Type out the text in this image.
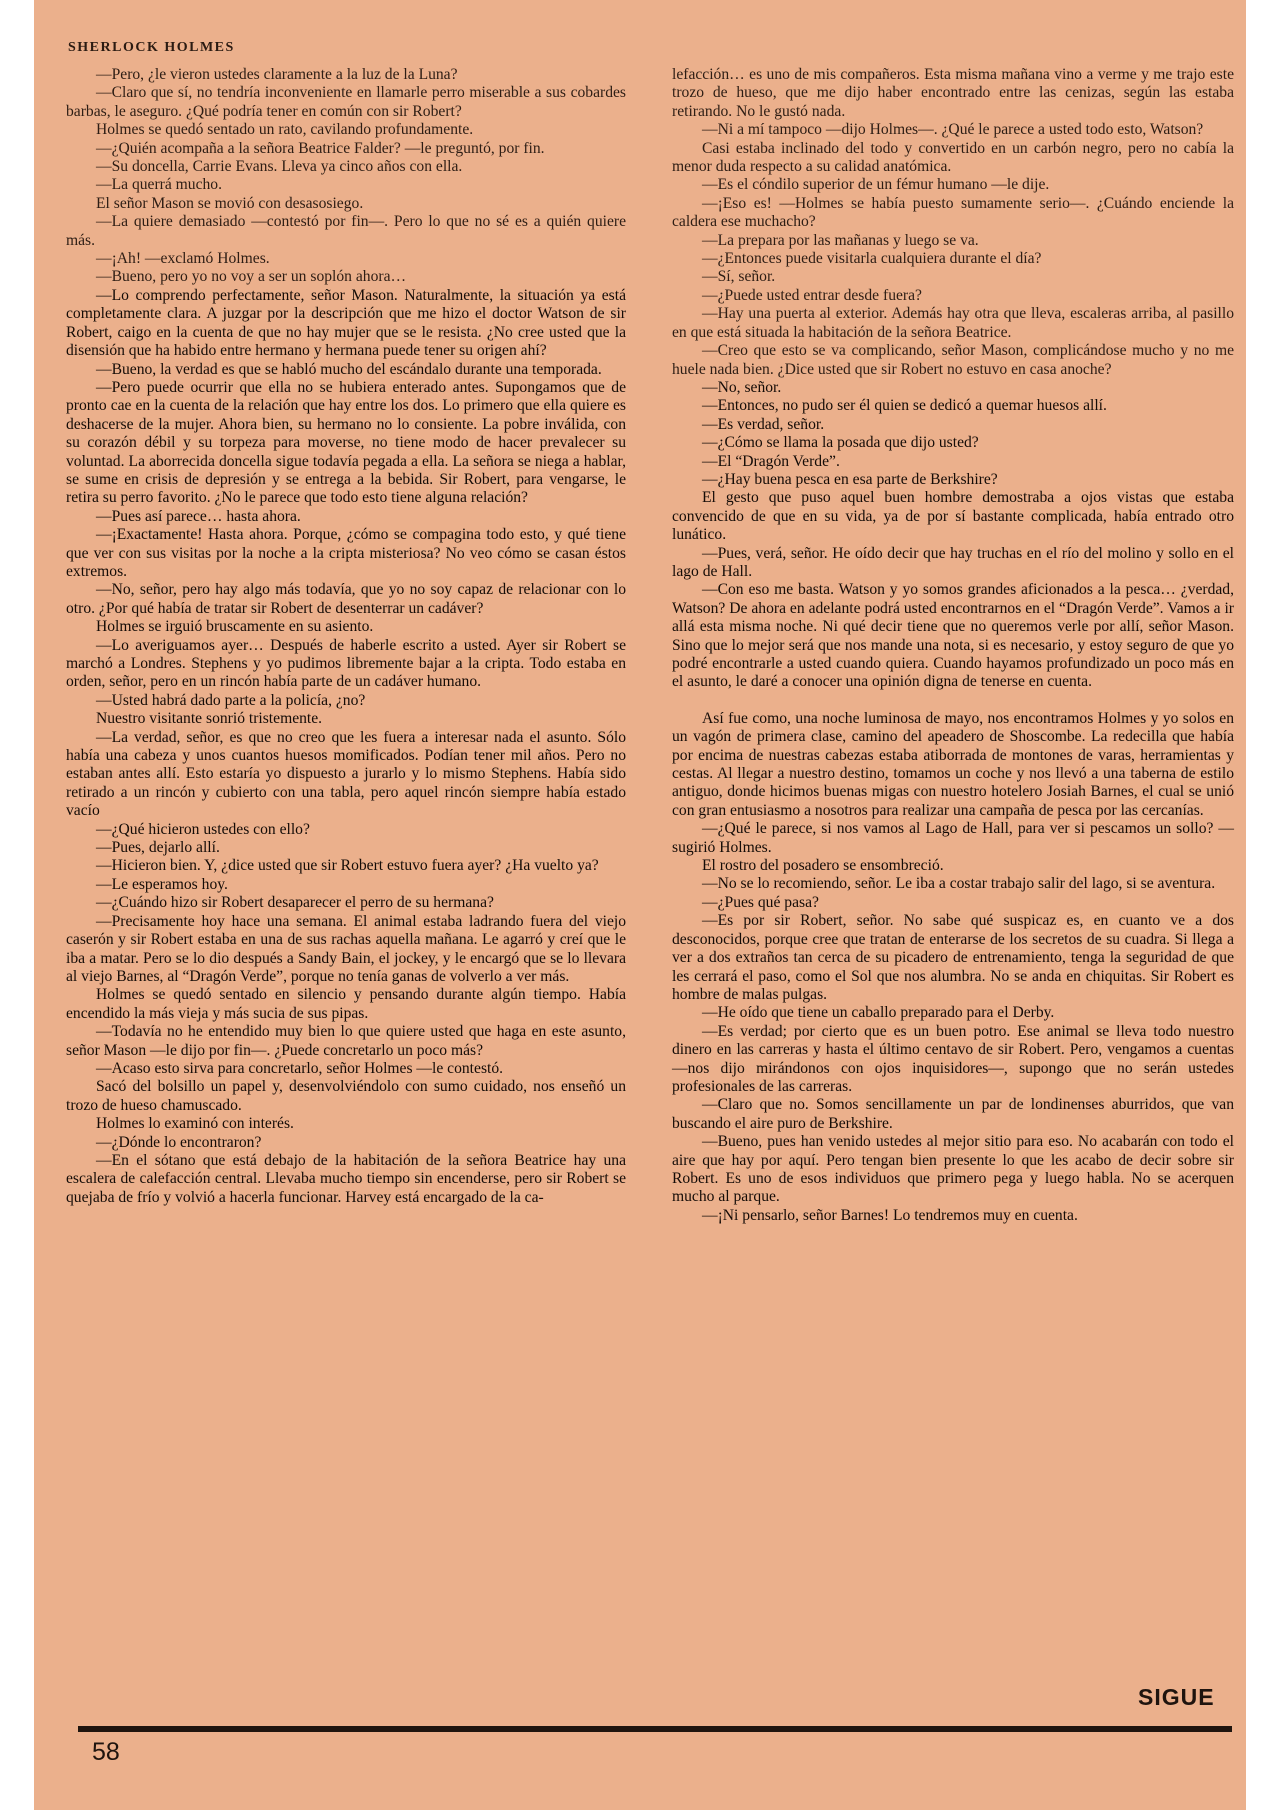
SHERLOCK HOLMES

—Pero, ¿le vieron ustedes claramente a la luz de la Luna?

—Claro que sí, no tendría inconveniente en llamarle perro miserable a sus cobardes barbas, le aseguro. ¿Qué podría tener en común con sir Robert?

Holmes se quedó sentado un rato, cavilando profundamente.

—¿Quién acompaña a la señora Beatrice Falder? —le preguntó, por fin.

—Su doncella, Carrie Evans. Lleva ya cinco años con ella.

—La querrá mucho.

El señor Mason se movió con desasosiego.

—La quiere demasiado —contestó por fin—. Pero lo que no sé es a quién quiere más.

—¡Ah! —exclamó Holmes.

—Bueno, pero yo no voy a ser un soplón ahora…

—Lo comprendo perfectamente, señor Mason. Naturalmente, la situación ya está completamente clara. A juzgar por la descripción que me hizo el doctor Watson de sir Robert, caigo en la cuenta de que no hay mujer que se le resista. ¿No cree usted que la disensión que ha habido entre hermano y hermana puede tener su origen ahí?

—Bueno, la verdad es que se habló mucho del escándalo durante una temporada.

—Pero puede ocurrir que ella no se hubiera enterado antes. Supongamos que de pronto cae en la cuenta de la relación que hay entre los dos. Lo primero que ella quiere es deshacerse de la mujer. Ahora bien, su hermano no lo consiente. La pobre inválida, con su corazón débil y su torpeza para moverse, no tiene modo de hacer prevalecer su voluntad. La aborrecida doncella sigue todavía pegada a ella. La señora se niega a hablar, se sume en crisis de depresión y se entrega a la bebida. Sir Robert, para vengarse, le retira su perro favorito. ¿No le parece que todo esto tiene alguna relación?

—Pues así parece… hasta ahora.

—¡Exactamente! Hasta ahora. Porque, ¿cómo se compagina todo esto, y qué tiene que ver con sus visitas por la noche a la cripta misteriosa? No veo cómo se casan éstos extremos.

—No, señor, pero hay algo más todavía, que yo no soy capaz de relacionar con lo otro. ¿Por qué había de tratar sir Robert de desenterrar un cadáver?

Holmes se irguió bruscamente en su asiento.

—Lo averiguamos ayer… Después de haberle escrito a usted. Ayer sir Robert se marchó a Londres. Stephens y yo pudimos libremente bajar a la cripta. Todo estaba en orden, señor, pero en un rincón había parte de un cadáver humano.

—Usted habrá dado parte a la policía, ¿no?

Nuestro visitante sonrió tristemente.

—La verdad, señor, es que no creo que les fuera a interesar nada el asunto. Sólo había una cabeza y unos cuantos huesos momificados. Podían tener mil años. Pero no estaban antes allí. Esto estaría yo dispuesto a jurarlo y lo mismo Stephens. Había sido retirado a un rincón y cubierto con una tabla, pero aquel rincón siempre había estado vacío

—¿Qué hicieron ustedes con ello?

—Pues, dejarlo allí.

—Hicieron bien. Y, ¿dice usted que sir Robert estuvo fuera ayer? ¿Ha vuelto ya?

—Le esperamos hoy.

—¿Cuándo hizo sir Robert desaparecer el perro de su hermana?

—Precisamente hoy hace una semana. El animal estaba ladrando fuera del viejo caserón y sir Robert estaba en una de sus rachas aquella mañana. Le agarró y creí que le iba a matar. Pero se lo dio después a Sandy Bain, el jockey, y le encargó que se lo llevara al viejo Barnes, al “Dragón Verde”, porque no tenía ganas de volverlo a ver más.

Holmes se quedó sentado en silencio y pensando durante algún tiempo. Había encendido la más vieja y más sucia de sus pipas.

—Todavía no he entendido muy bien lo que quiere usted que haga en este asunto, señor Mason —le dijo por fin—. ¿Puede concretarlo un poco más?

—Acaso esto sirva para concretarlo, señor Holmes —le contestó.

Sacó del bolsillo un papel y, desenvolviéndolo con sumo cuidado, nos enseñó un trozo de hueso chamuscado.

Holmes lo examinó con interés.

—¿Dónde lo encontraron?

—En el sótano que está debajo de la habitación de la señora Beatrice hay una escalera de calefacción central. Llevaba mucho tiempo sin encenderse, pero sir Robert se quejaba de frío y volvió a hacerla funcionar. Harvey está encargado de la ca-

lefacción… es uno de mis compañeros. Esta misma mañana vino a verme y me trajo este trozo de hueso, que me dijo haber encontrado entre las cenizas, según las estaba retirando. No le gustó nada.

—Ni a mí tampoco —dijo Holmes—. ¿Qué le parece a usted todo esto, Watson?

Casi estaba inclinado del todo y convertido en un carbón negro, pero no cabía la menor duda respecto a su calidad anatómica.

—Es el cóndilo superior de un fémur humano —le dije.

—¡Eso es! —Holmes se había puesto sumamente serio—. ¿Cuándo enciende la caldera ese muchacho?

—La prepara por las mañanas y luego se va.

—¿Entonces puede visitarla cualquiera durante el día?

—Sí, señor.

—¿Puede usted entrar desde fuera?

—Hay una puerta al exterior. Además hay otra que lleva, escaleras arriba, al pasillo en que está situada la habitación de la señora Beatrice.

—Creo que esto se va complicando, señor Mason, complicándose mucho y no me huele nada bien. ¿Dice usted que sir Robert no estuvo en casa anoche?

—No, señor.

—Entonces, no pudo ser él quien se dedicó a quemar huesos allí.

—Es verdad, señor.

—¿Cómo se llama la posada que dijo usted?

—El “Dragón Verde”.

—¿Hay buena pesca en esa parte de Berkshire?

El gesto que puso aquel buen hombre demostraba a ojos vistas que estaba convencido de que en su vida, ya de por sí bastante complicada, había entrado otro lunático.

—Pues, verá, señor. He oído decir que hay truchas en el río del molino y sollo en el lago de Hall.

—Con eso me basta. Watson y yo somos grandes aficionados a la pesca… ¿verdad, Watson? De ahora en adelante podrá usted encontrarnos en el “Dragón Verde”. Vamos a ir allá esta misma noche. Ni qué decir tiene que no queremos verle por allí, señor Mason. Sino que lo mejor será que nos mande una nota, si es necesario, y estoy seguro de que yo podré encontrarle a usted cuando quiera. Cuando hayamos profundizado un poco más en el asunto, le daré a conocer una opinión digna de tenerse en cuenta.

Así fue como, una noche luminosa de mayo, nos encontramos Holmes y yo solos en un vagón de primera clase, camino del apeadero de Shoscombe. La redecilla que había por encima de nuestras cabezas estaba atiborrada de montones de varas, herramientas y cestas. Al llegar a nuestro destino, tomamos un coche y nos llevó a una taberna de estilo antiguo, donde hicimos buenas migas con nuestro hotelero Josiah Barnes, el cual se unió con gran entusiasmo a nosotros para realizar una campaña de pesca por las cercanías.

—¿Qué le parece, si nos vamos al Lago de Hall, para ver si pescamos un sollo? —sugirió Holmes.

El rostro del posadero se ensombreció.

—No se lo recomiendo, señor. Le iba a costar trabajo salir del lago, si se aventura.

—¿Pues qué pasa?

—Es por sir Robert, señor. No sabe qué suspicaz es, en cuanto ve a dos desconocidos, porque cree que tratan de enterarse de los secretos de su cuadra. Si llega a ver a dos extraños tan cerca de su picadero de entrenamiento, tenga la seguridad de que les cerrará el paso, como el Sol que nos alumbra. No se anda en chiquitas. Sir Robert es hombre de malas pulgas.

—He oído que tiene un caballo preparado para el Derby.

—Es verdad; por cierto que es un buen potro. Ese animal se lleva todo nuestro dinero en las carreras y hasta el último centavo de sir Robert. Pero, vengamos a cuentas —nos dijo mirándonos con ojos inquisidores—, supongo que no serán ustedes profesionales de las carreras.

—Claro que no. Somos sencillamente un par de londinenses aburridos, que van buscando el aire puro de Berkshire.

—Bueno, pues han venido ustedes al mejor sitio para eso. No acabarán con todo el aire que hay por aquí. Pero tengan bien presente lo que les acabo de decir sobre sir Robert. Es uno de esos individuos que primero pega y luego habla. No se acerquen mucho al parque.

—¡Ni pensarlo, señor Barnes! Lo tendremos muy en cuenta.

SIGUE
58
